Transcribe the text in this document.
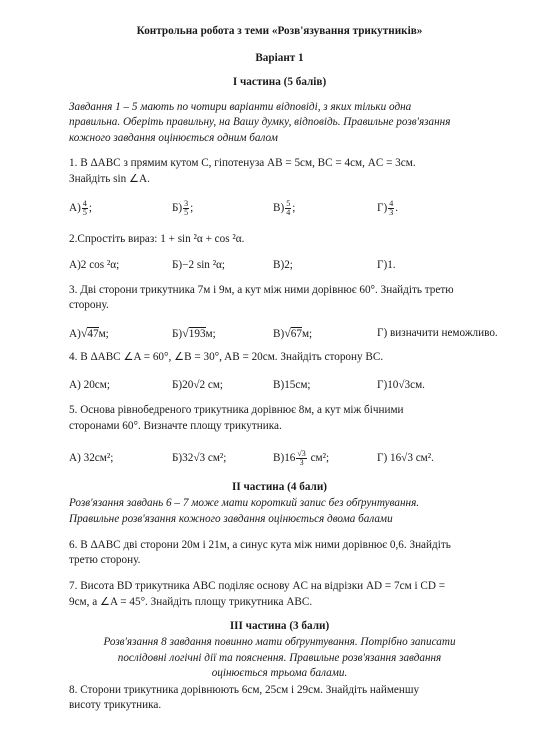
Контрольна робота з теми «Розв'язування трикутників»
Варіант 1
I частина (5 балів)
Завдання 1 – 5 мають по чотири варіанти відповіді, з яких тільки одна
правильна. Оберіть правильну, на Вашу думку, відповідь. Правильне розв'язання
кожного завдання оцінюється одним балом
1. В ΔABC з прямим кутом C, гіпотенуза AB = 5см, BC = 4см, AC = 3см.
Знайдіть sin ∠A.
$А) \frac{4}{5}$ ;	$Б) \frac{3}{5}$ ;	$В) \frac{5}{4}$ ;	$Г) \frac{4}{3}$ .
2.Спростіть вираз: 1 + sin ²α + cos ²α.
А)2 cos ²α;	Б)−2 sin ²α;	В)2;	Г)1.
3. Дві сторони трикутника 7м і 9м, а кут між ними дорівнює 60°. Знайдіть третю
сторону.
А)√47м;	Б)√193м;	В)√67м;	Г) визначити неможливо.
4. В ΔABC ∠A = 60°, ∠B = 30°, AB = 20см. Знайдіть сторону BC.
А) 20см;	Б)20√2 см;	В)15см;	Г)10√3см.
5. Основа рівнобедреного трикутника дорівнює 8м, а кут між бічними
сторонами 60°. Визначте площу трикутника.
А) 32см²;	Б)32√3 см²;	$В)16 \frac{√3}{3} см^2$;	Г) 16√3 см².
II частина (4 бали)
Розв'язання завдань 6 – 7 може мати короткий запис без обґрунтування.
Правильне розв'язання кожного завдання оцінюється двома балами
6. В ΔABC дві сторони 20м і 21м, а синус кута між ними дорівнює 0,6. Знайдіть
третю сторону.
7. Висота BD трикутника ABC поділяє основу AC на відрізки AD = 7см і CD =
9см, а ∠A = 45°. Знайдіть площу трикутника ABC.
III частина (3 бали)
Розв'язання 8 завдання повинно мати обґрунтування. Потрібно записати
послідовні логічні дії та пояснення. Правильне розв'язання завдання
оцінюється трьома балами.
8. Сторони трикутника дорівнюють 6см, 25см і 29см. Знайдіть найменшу
висоту трикутника.
